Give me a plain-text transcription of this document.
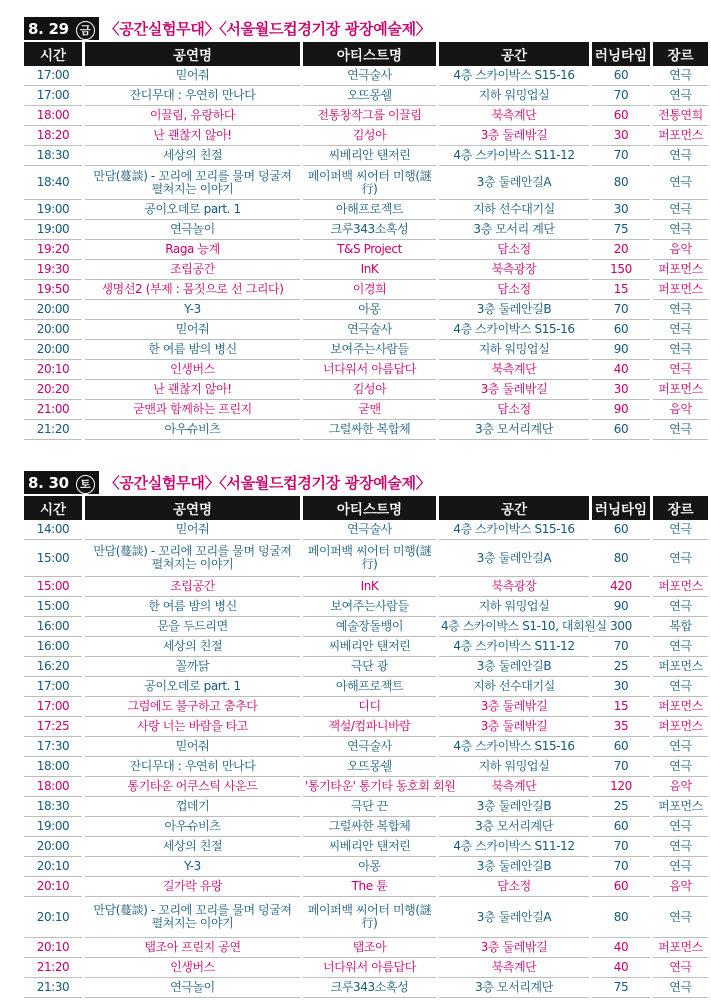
8. 29 금 〈공간실험무대〉〈서울월드컵경기장 광장예술제〉
시간	공연명	아티스트명	공간	러닝타임	장르
17:00	믿어줘	연극술사	4층 스카이박스 S15-16	60	연극
17:00	잔디무대 : 우연히 만나다	오뜨몽쉘	지하 워밍업실	70	연극
18:00	이끌림, 유랑하다	전통창작그룹 이끌림	북측계단	60	전통연희
18:20	난 괜찮지 않아!	김성아	3층 둘레밖길	30	퍼포먼스
18:30	세상의 친절	씨베리안 탠저린	4층 스카이박스 S11-12	70	연극
18:40	만담(蔓談) - 꼬리에 꼬리를 물며 덩굴져 펼쳐지는 이야기	페이퍼백 씨어터 미행(謎行)	3층 둘레안길A	80	연극
19:00	공이오데로 part. 1	아해프로젝트	지하 선수대기실	30	연극
19:00	연극놀이	크루343소혹성	3층 모서리 계단	75	연극
19:20	Raga 능계	T&S Project	담소정	20	음악
19:30	조립공간	InK	북측광장	150	퍼포먼스
19:50	생명선2 (부제 : 몸짓으로 선 그리다)	이경희	담소정	15	퍼포먼스
20:00	Y-3	아몽	3층 둘레안길B	70	연극
20:00	믿어줘	연극술사	4층 스카이박스 S15-16	60	연극
20:00	한 여름 밤의 병신	보여주는사람들	지하 워밍업실	90	연극
20:10	인생버스	너다워서 아름답다	북측계단	40	연극
20:20	난 괜찮지 않아!	김성아	3층 둘레밖길	30	퍼포먼스
21:00	굳맨과 함께하는 프린지	굳맨	담소정	90	음악
21:20	아우슈비츠	그럴싸한 복합체	3층 모서리계단	60	연극
8. 30 토 〈공간실험무대〉〈서울월드컵경기장 광장예술제〉
시간	공연명	아티스트명	공간	러닝타임	장르
14:00	믿어줘	연극술사	4층 스카이박스 S15-16	60	연극
15:00	만담(蔓談) - 꼬리에 꼬리를 물며 덩굴져 펼쳐지는 이야기	페이퍼백 씨어터 미행(謎行)	3층 둘레안길A	80	연극
15:00	조립공간	InK	북측광장	420	퍼포먼스
15:00	한 여름 밤의 병신	보여주는사람들	지하 워밍업실	90	연극
16:00	문을 두드리면	예술장돌뱅이	4층 스카이박스 S1-10, 대회원실	300	복합
16:00	세상의 친절	씨베리안 탠저린	4층 스카이박스 S11-12	70	연극
16:20	꼴까닭	극단 광	3층 둘레안길B	25	퍼포먼스
17:00	공이오데로 part. 1	아해프로젝트	지하 선수대기실	30	연극
17:00	그럼에도 불구하고 춤추다	디디	3층 둘레밖길	15	퍼포먼스
17:25	사랑 너는 바람을 타고	잭설/컴파니바람	3층 둘레밖길	35	퍼포먼스
17:30	믿어줘	연극술사	4층 스카이박스 S15-16	60	연극
18:00	잔디무대 : 우연히 만나다	오뜨몽쉘	지하 워밍업실	70	연극
18:00	통기타운 어쿠스틱 사운드	'통기타운' 통기타 동호회 회원	북측계단	120	음악
18:30	껍데기	극단 끈	3층 둘레안길B	25	퍼포먼스
19:00	아우슈비츠	그럴싸한 복합체	3층 모서리계단	60	연극
20:00	세상의 친절	씨베리안 탠저린	4층 스카이박스 S11-12	70	연극
20:10	Y-3	아몽	3층 둘레안길B	70	연극
20:10	길가락 유랑	The 튠	담소정	60	음악
20:10	만담(蔓談) - 꼬리에 꼬리를 물며 덩굴져 펼쳐지는 이야기	페이퍼백 씨어터 미행(謎行)	3층 둘레안길A	80	연극
20:10	탭조아 프린지 공연	탭조아	3층 둘레밖길	40	퍼포먼스
21:20	인생버스	너다워서 아름답다	북측계단	40	연극
21:30	연극놀이	크루343소혹성	3층 모서리계단	75	연극
